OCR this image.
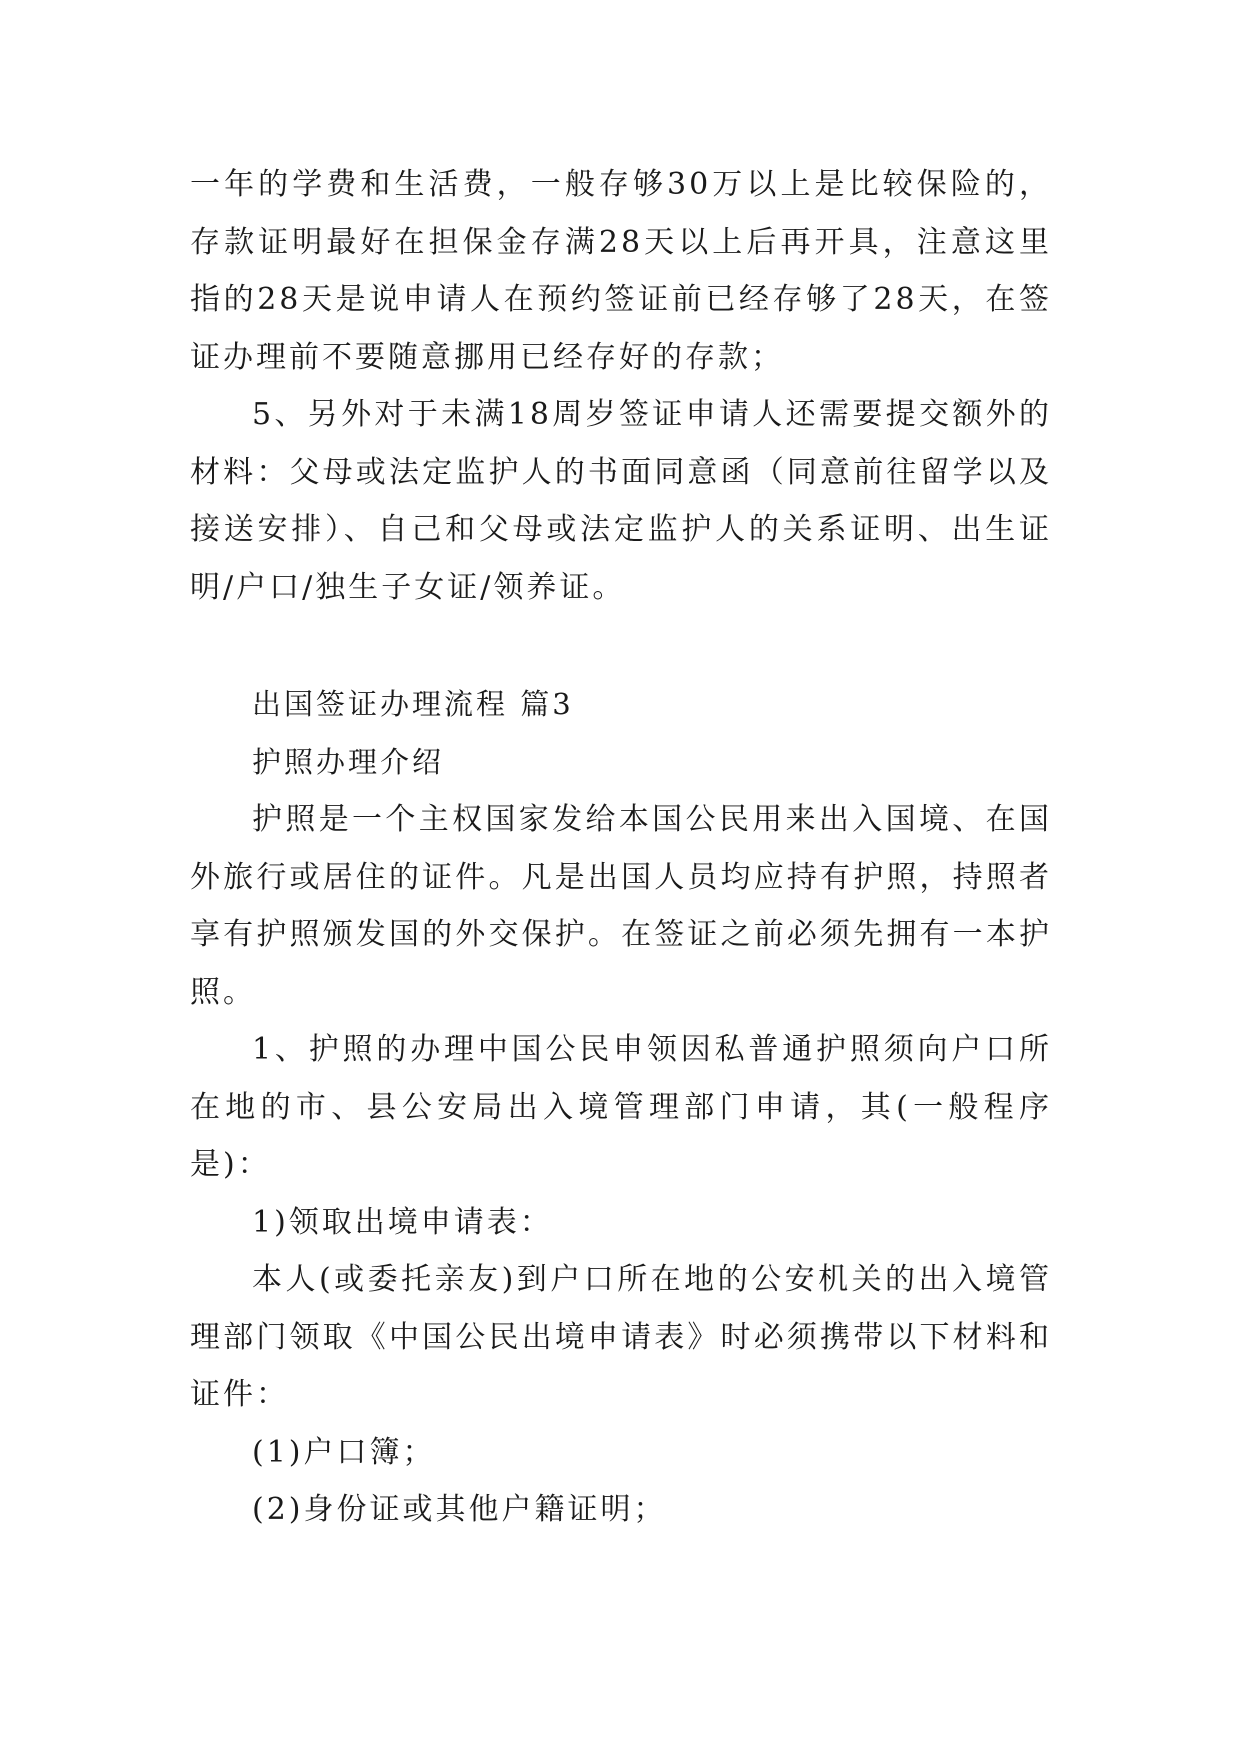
一年的学费和生活费，一般存够30万以上是比较保险的，存款证明最好在担保金存满28天以上后再开具，注意这里指的28天是说申请人在预约签证前已经存够了28天，在签证办理前不要随意挪用已经存好的存款；

5、另外对于未满18周岁签证申请人还需要提交额外的材料：父母或法定监护人的书面同意函（同意前往留学以及接送安排）、自己和父母或法定监护人的关系证明、出生证明/户口/独生子女证/领养证。

出国签证办理流程 篇3

护照办理介绍

护照是一个主权国家发给本国公民用来出入国境、在国外旅行或居住的证件。凡是出国人员均应持有护照，持照者享有护照颁发国的外交保护。在签证之前必须先拥有一本护照。

1、护照的办理中国公民申领因私普通护照须向户口所在地的市、县公安局出入境管理部门申请，其(一般程序是)：

1)领取出境申请表：

本人(或委托亲友)到户口所在地的公安机关的出入境管理部门领取《中国公民出境申请表》时必须携带以下材料和证件：

(1)户口簿；

(2)身份证或其他户籍证明；
